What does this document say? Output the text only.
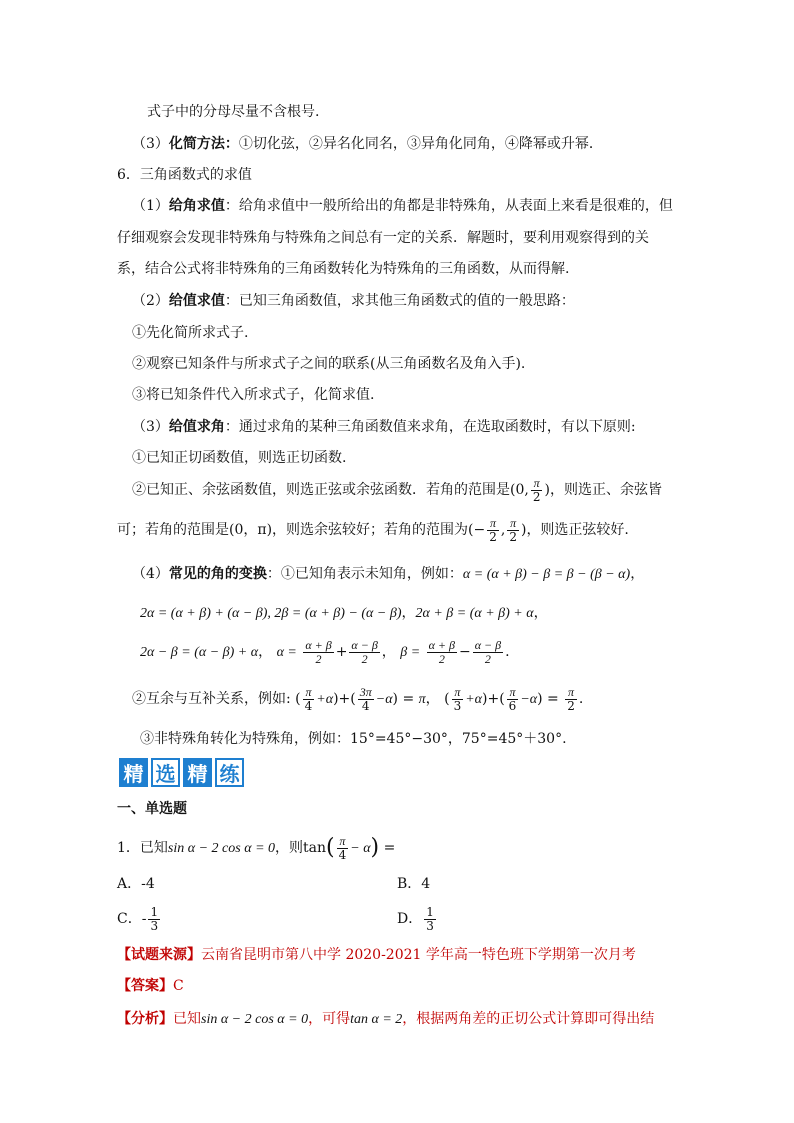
式子中的分母尽量不含根号.
（3）化简方法：①切化弦，②异名化同名，③异角化同角，④降幂或升幂．
6．三角函数式的求值
（1）给角求值：给角求值中一般所给出的角都是非特殊角，从表面上来看是很难的，但
仔细观察会发现非特殊角与特殊角之间总有一定的关系．解题时，要利用观察得到的关
系，结合公式将非特殊角的三角函数转化为特殊角的三角函数，从而得解.
（2）给值求值：已知三角函数值，求其他三角函数式的值的一般思路：
①先化简所求式子.
②观察已知条件与所求式子之间的联系(从三角函数名及角入手).
③将已知条件代入所求式子，化简求值.
（3）给值求角：通过求角的某种三角函数值来求角，在选取函数时，有以下原则:
①已知正切函数值，则选正切函数.
②已知正、余弦函数值，则选正弦或余弦函数．若角的范围是(0, $\frac{\pi}{2}$ )，则选正、余弦皆
可；若角的范围是(0，π)，则选余弦较好；若角的范围为(− $\frac{\pi}{2}$ , $\frac{\pi}{2}$ )，则选正弦较好.
（4）常见的角的变换：①已知角表示未知角，例如：α = (α + β) − β = β − (β − α)，
2α = (α + β) + (α − β), 2β = (α + β) − (α − β)，2α + β = (α + β) + α，
2α − β = (α − β) + α， $\alpha = \frac{\alpha + \beta}{2} + \frac{\alpha - \beta}{2}$ ， $\beta = \frac{\alpha + \beta}{2} - \frac{\alpha - \beta}{2}$ .
②互余与互补关系，例如: ( $\frac{\pi}{4} +\alpha)+( \frac{3\pi}{4} -\alpha) = \pi$， ( $\frac{\pi}{3} +\alpha)+( \frac{\pi}{6} -\alpha) = \frac{\pi}{2}$ .
③非特殊角转化为特殊角，例如：15°=45°−30°，75°=45°＋30°.
精 选 精 练
一、单选题
1．已知sin α − 2 cos α = 0，则$\tan( \frac{\pi}{4} - \alpha)$ =
A．-4	B．4
C．- $\frac{1}{3}$	D． $\frac{1}{3}$
【试题来源】云南省昆明市第八中学 2020-2021 学年高一特色班下学期第一次月考
【答案】C
【分析】已知sin α − 2 cos α = 0，可得tan α = 2，根据两角差的正切公式计算即可得出结
